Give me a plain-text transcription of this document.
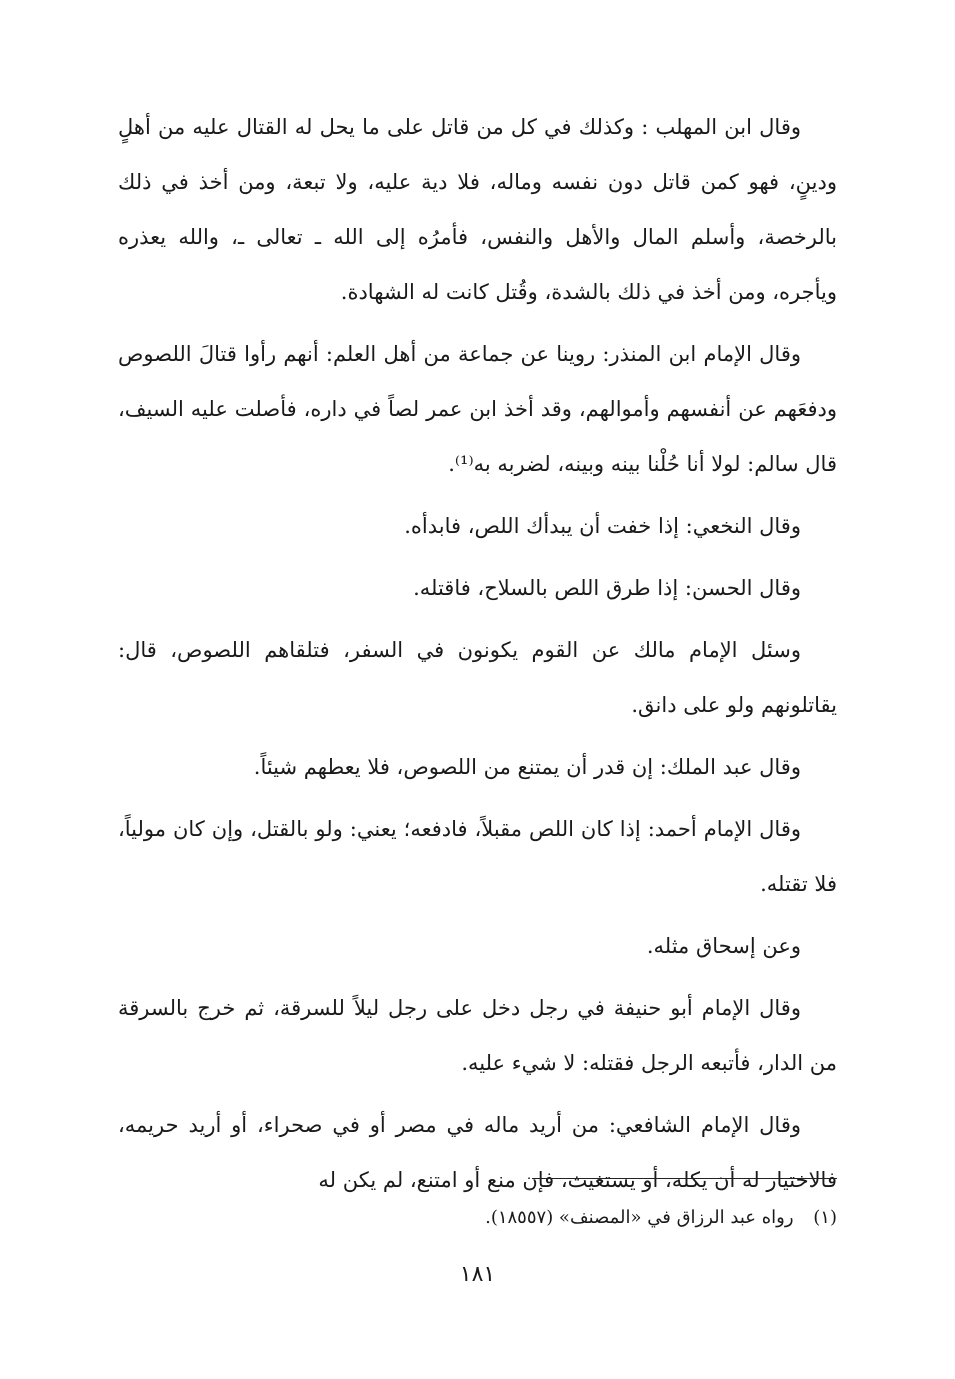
وقال ابن المهلب : وكذلك في كل من قاتل على ما يحل له القتال عليه من أهلٍ ودينٍ، فهو كمن قاتل دون نفسه وماله، فلا دية عليه، ولا تبعة، ومن أخذ في ذلك بالرخصة، وأسلم المال والأهل والنفس، فأمرُه إلى الله ـ تعالى ـ، والله يعذره ويأجره، ومن أخذ في ذلك بالشدة، وقُتل كانت له الشهادة.

وقال الإمام ابن المنذر: روينا عن جماعة من أهل العلم: أنهم رأوا قتالَ اللصوص ودفعَهم عن أنفسهم وأموالهم، وقد أخذ ابن عمر لصاً في داره، فأصلت عليه السيف، قال سالم: لولا أنا حُلْنا بينه وبينه، لضربه به⁽¹⁾.

وقال النخعي: إذا خفت أن يبدأك اللص، فابدأه.

وقال الحسن: إذا طرق اللص بالسلاح، فاقتله.

وسئل الإمام مالك عن القوم يكونون في السفر، فتلقاهم اللصوص، قال: يقاتلونهم ولو على دانق.

وقال عبد الملك: إن قدر أن يمتنع من اللصوص، فلا يعطهم شيئاً.

وقال الإمام أحمد: إذا كان اللص مقبلاً، فادفعه؛ يعني: ولو بالقتل، وإن كان مولياً، فلا تقتله.

وعن إسحاق مثله.

وقال الإمام أبو حنيفة في رجل دخل على رجل ليلاً للسرقة، ثم خرج بالسرقة من الدار، فأتبعه الرجل فقتله: لا شيء عليه.

وقال الإمام الشافعي: من أريد ماله في مصر أو في صحراء، أو أريد حريمه، فالاختيار له أن يكله، أو يستغيث، فإن منع أو امتنع، لم يكن له

(١) رواه عبد الرزاق في «المصنف» (١٨٥٥٧).
١٨١
